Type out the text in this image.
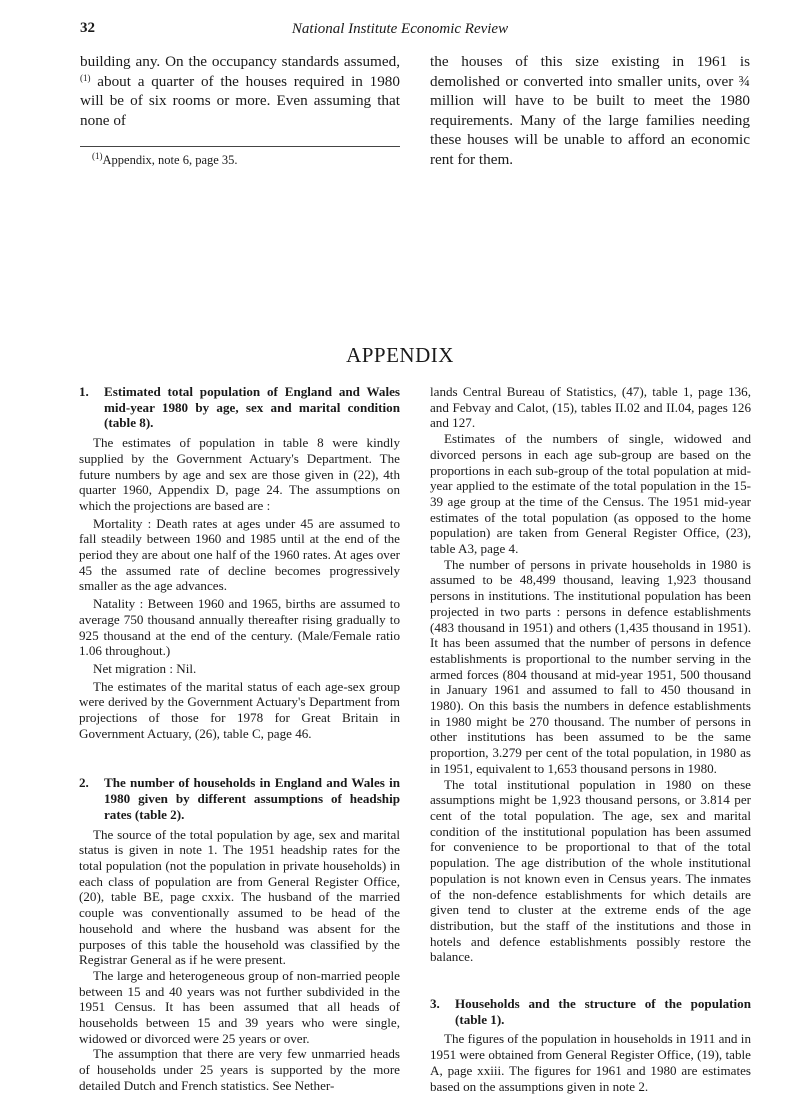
32	National Institute Economic Review
building any. On the occupancy standards assumed,$^{(1)}$ about a quarter of the houses required in 1980 will be of six rooms or more. Even assuming that none of
the houses of this size existing in 1961 is demolished or converted into smaller units, over ¾ million will have to be built to meet the 1980 requirements. Many of the large families needing these houses will be unable to afford an economic rent for them.
$^{(1)}$Appendix, note 6, page 35.
APPENDIX
1. Estimated total population of England and Wales mid-year 1980 by age, sex and marital condition (table 8).

The estimates of population in table 8 were kindly supplied by the Government Actuary's Department. The future numbers by age and sex are those given in (22), 4th quarter 1960, Appendix D, page 24. The assumptions on which the projections are based are :

Mortality : Death rates at ages under 45 are assumed to fall steadily between 1960 and 1985 until at the end of the period they are about one half of the 1960 rates. At ages over 45 the assumed rate of decline becomes progressively smaller as the age advances.

Natality : Between 1960 and 1965, births are assumed to average 750 thousand annually thereafter rising gradually to 925 thousand at the end of the century. (Male/Female ratio 1.06 throughout.)

Net migration : Nil.

The estimates of the marital status of each age-sex group were derived by the Government Actuary's Department from projections of those for 1978 for Great Britain in Government Actuary, (26), table C, page 46.

2. The number of households in England and Wales in 1980 given by different assumptions of headship rates (table 2).

The source of the total population by age, sex and marital status is given in note 1. The 1951 headship rates for the total population (not the population in private households) in each class of population are from General Register Office, (20), table BE, page cxxix. The husband of the married couple was conventionally assumed to be head of the household and where the husband was absent for the purposes of this table the household was classified by the Registrar General as if he were present.

The large and heterogeneous group of non-married people between 15 and 40 years was not further subdivided in the 1951 Census. It has been assumed that all heads of households between 15 and 39 years who were single, widowed or divorced were 25 years or over.

The assumption that there are very few unmarried heads of households under 25 years is supported by the more detailed Dutch and French statistics. See Nether-

lands Central Bureau of Statistics, (47), table 1, page 136, and Febvay and Calot, (15), tables II.02 and II.04, pages 126 and 127.

Estimates of the numbers of single, widowed and divorced persons in each age sub-group are based on the proportions in each sub-group of the total population at mid-year applied to the estimate of the total population in the 15-39 age group at the time of the Census. The 1951 mid-year estimates of the total population (as opposed to the home population) are taken from General Register Office, (23), table A3, page 4.

The number of persons in private households in 1980 is assumed to be 48,499 thousand, leaving 1,923 thousand persons in institutions. The institutional population has been projected in two parts : persons in defence establishments (483 thousand in 1951) and others (1,435 thousand in 1951). It has been assumed that the number of persons in defence establishments is proportional to the number serving in the armed forces (804 thousand at mid-year 1951, 500 thousand in January 1961 and assumed to fall to 450 thousand in 1980). On this basis the numbers in defence establishments in 1980 might be 270 thousand. The number of persons in other institutions has been assumed to be the same proportion, 3.279 per cent of the total population, in 1980 as in 1951, equivalent to 1,653 thousand persons in 1980.

The total institutional population in 1980 on these assumptions might be 1,923 thousand persons, or 3.814 per cent of the total population. The age, sex and marital condition of the institutional population has been assumed for convenience to be proportional to that of the total population. The age distribution of the whole institutional population is not known even in Census years. The inmates of the non-defence establishments for which details are given tend to cluster at the extreme ends of the age distribution, but the staff of the institutions and those in hotels and defence establishments possibly restore the balance.

3. Households and the structure of the population (table 1).

The figures of the population in households in 1911 and in 1951 were obtained from General Register Office, (19), table A, page xxiii. The figures for 1961 and 1980 are estimates based on the assumptions given in note 2.
